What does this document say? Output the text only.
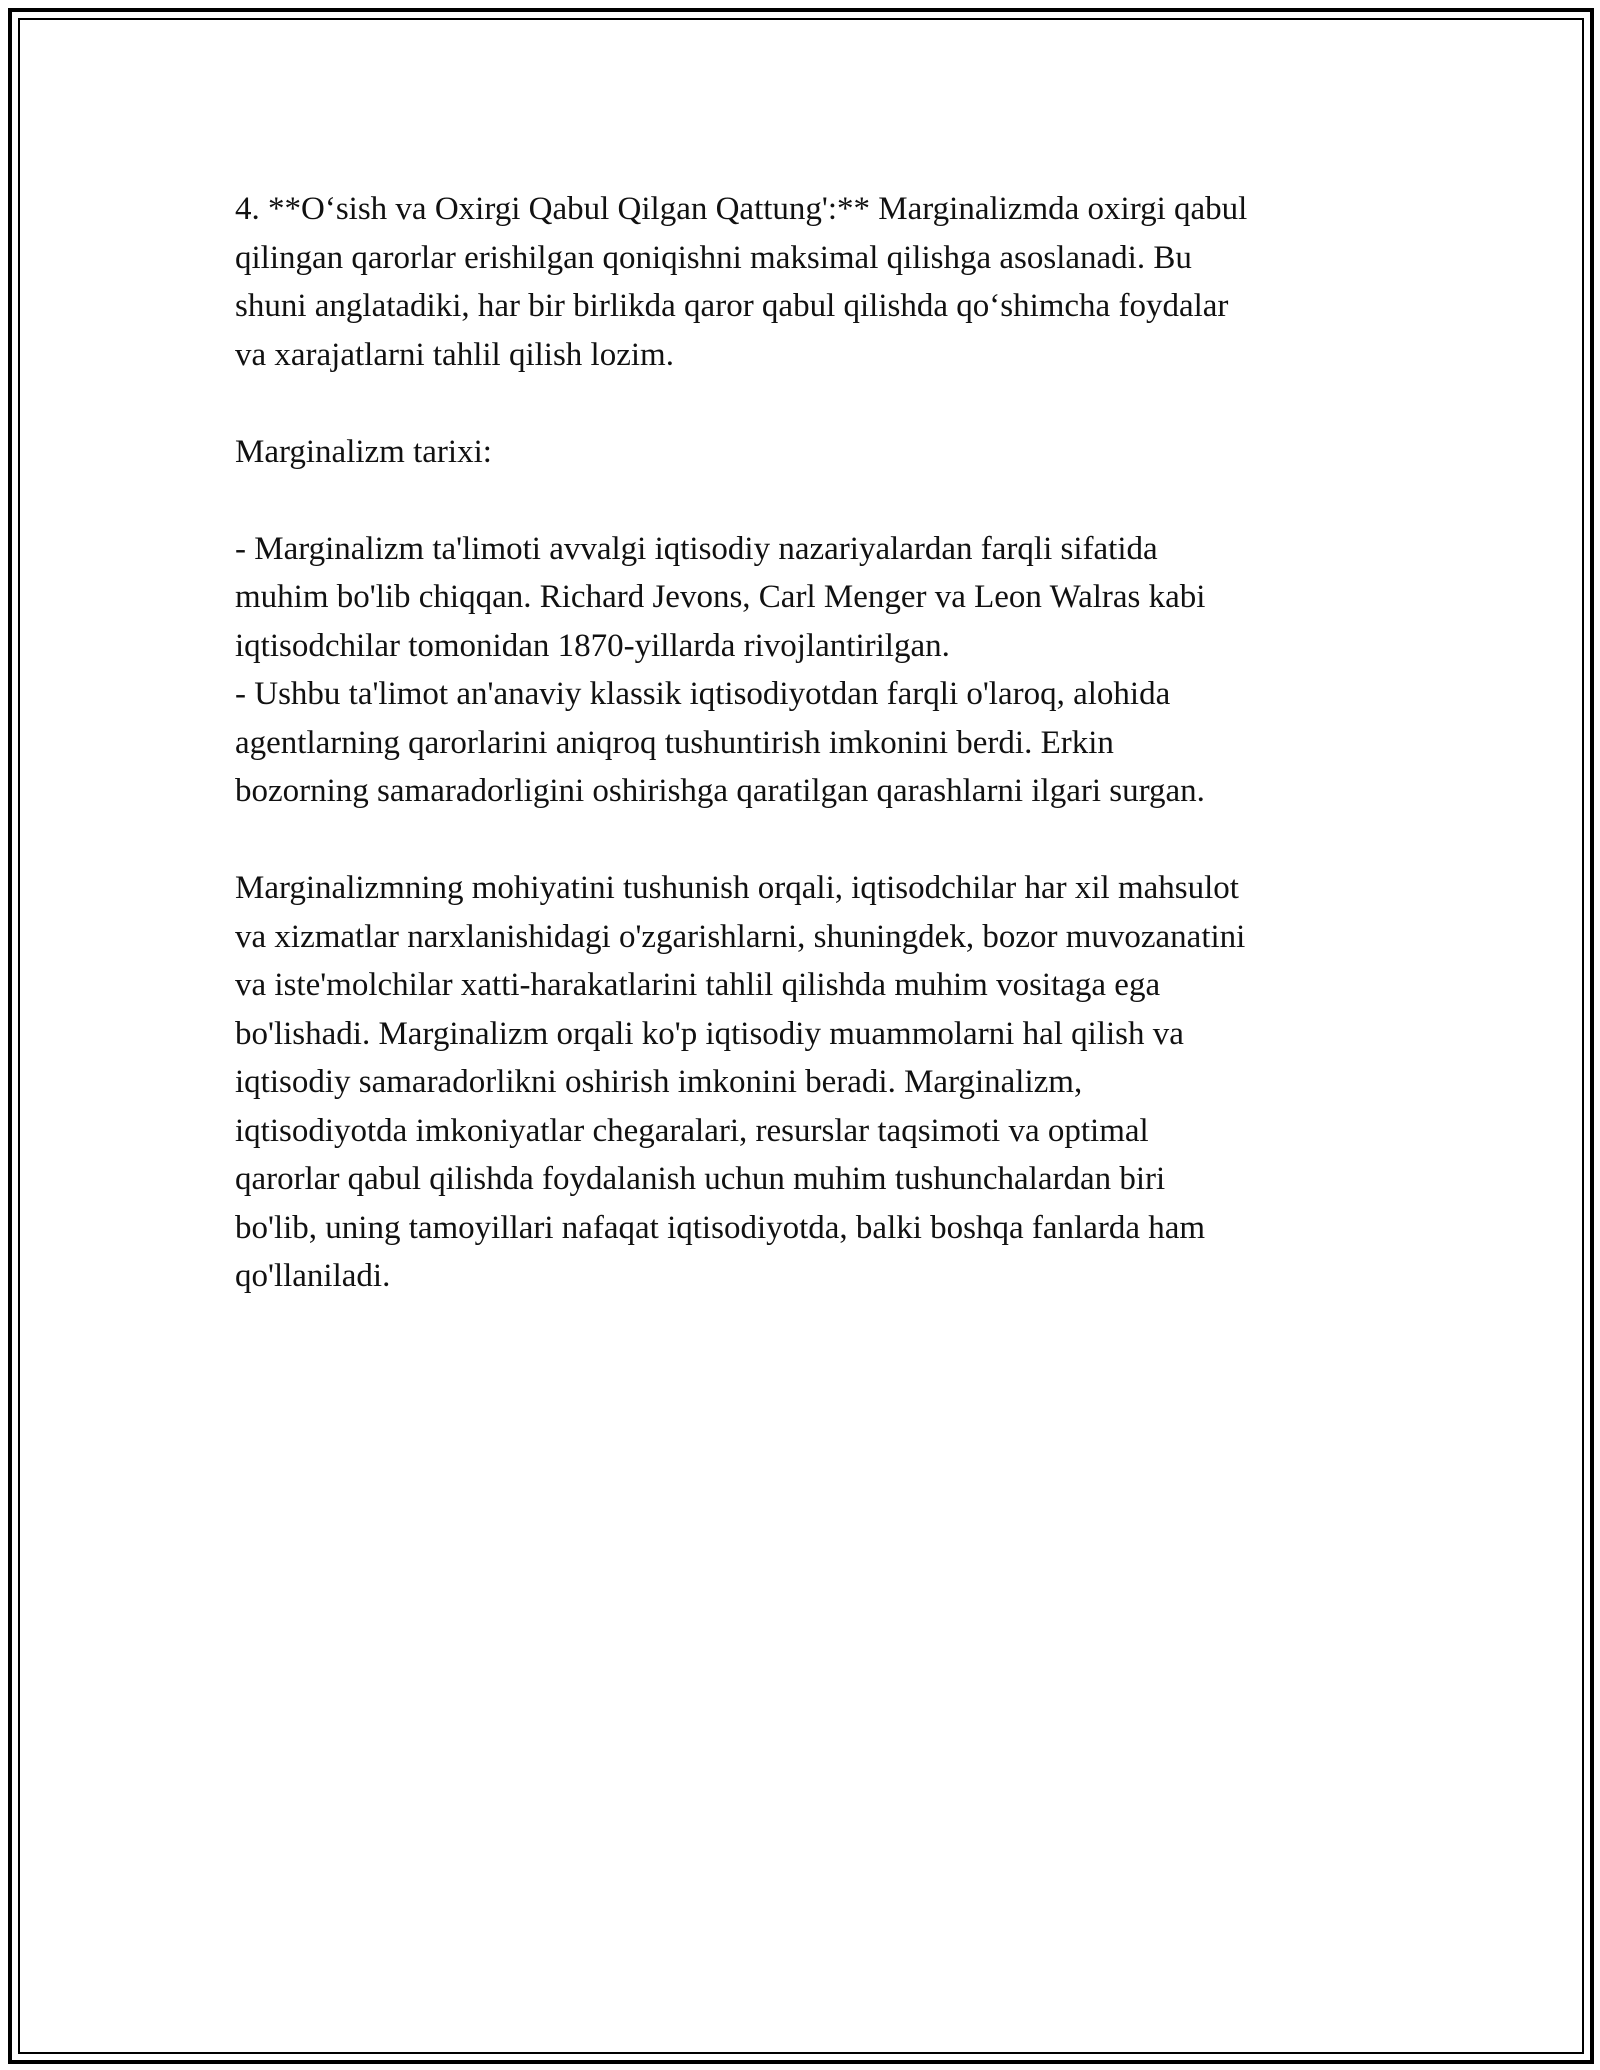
4. **O‘sish va Oxirgi Qabul Qilgan Qattung':** Marginalizmda oxirgi qabul
qilingan qarorlar erishilgan qoniqishni maksimal qilishga asoslanadi. Bu
shuni anglatadiki, har bir birlikda qaror qabul qilishda qo‘shimcha foydalar
va xarajatlarni tahlil qilish lozim.
Marginalizm tarixi:
- Marginalizm ta'limoti avvalgi iqtisodiy nazariyalardan farqli sifatida
muhim bo'lib chiqqan. Richard Jevons, Carl Menger va Leon Walras kabi
iqtisodchilar tomonidan 1870-yillarda rivojlantirilgan.
- Ushbu ta'limot an'anaviy klassik iqtisodiyotdan farqli o'laroq, alohida
agentlarning qarorlarini aniqroq tushuntirish imkonini berdi. Erkin
bozorning samaradorligini oshirishga qaratilgan qarashlarni ilgari surgan.
Marginalizmning mohiyatini tushunish orqali, iqtisodchilar har xil mahsulot
va xizmatlar narxlanishidagi o'zgarishlarni, shuningdek, bozor muvozanatini
va iste'molchilar xatti-harakatlarini tahlil qilishda muhim vositaga ega
bo'lishadi. Marginalizm orqali ko'p iqtisodiy muammolarni hal qilish va
iqtisodiy samaradorlikni oshirish imkonini beradi. Marginalizm,
iqtisodiyotda imkoniyatlar chegaralari, resurslar taqsimoti va optimal
qarorlar qabul qilishda foydalanish uchun muhim tushunchalardan biri
bo'lib, uning tamoyillari nafaqat iqtisodiyotda, balki boshqa fanlarda ham
qo'llaniladi.
